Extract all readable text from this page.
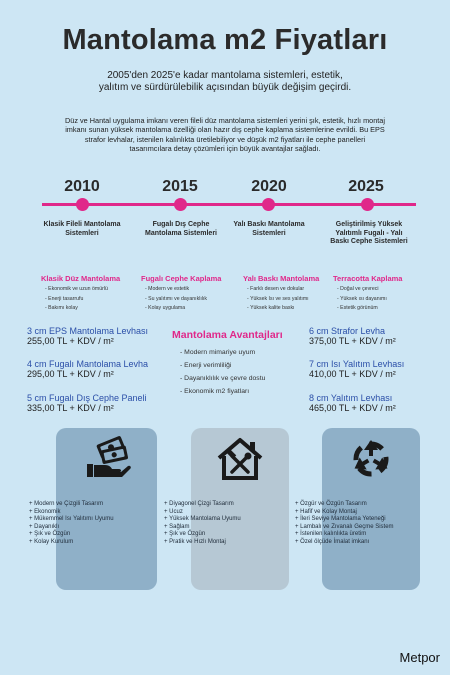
Mantolama m2 Fiyatları
2005'den 2025'e kadar mantolama sistemleri, estetik, yalıtım ve sürdürülebilik açısından büyük değişim geçirdi.
Düz ve Hantal uygulama imkanı veren fileli düz mantolama sistemleri yerini şık, estetik, hızlı montaj imkanı sunan yüksek mantolama özelliği olan hazır dış cephe kaplama sistemlerine evrildi. Bu EPS strafor levhalar, istenilen kalınlıkta üretilebiliyor ve düşük m2 fiyatları ile cephe panelleri tasarımcılara detay çözümleri için büyük avantajlar sağladı.
2010	2015	2020	2025
Klasik Fileli Mantolama Sistemleri
Fugalı Dış Cephe Mantolama Sistemleri
Yalı Baskı Mantolama Sistemleri
Geliştirilmiş Yüksek Yalıtımlı Fugalı - Yalı Baskı Cephe Sistemleri
Klasik Düz Mantolama
- Ekonomik ve uzun ömürlü
- Enerji tasarrufu
- Bakımı kolay
Fugalı Cephe Kaplama
- Modern ve estetik
- Su yalıtımı ve dayanıklılık
- Kolay uygulama
Yalı Baskı Mantolama
- Farklı desen ve dokular
- Yüksek Isı ve ses yalıtımı
- Yüksek kalite baskı
Terracotta Kaplama
- Doğal ve çevreci
- Yüksek ısı dayanımı
- Estetik görünüm
3 cm EPS Mantolama Levhası
255,00 TL + KDV / m²
4 cm Fugalı Mantolama Levha
295,00 TL + KDV / m²
5 cm Fugalı Dış Cephe Paneli
335,00 TL + KDV / m²
Mantolama Avantajları
- Modern mimariye uyum
- Enerji verimliliği
- Dayanıklılık ve çevre dostu
- Ekonomik m2 fiyatları
6 cm Strafor Levha
375,00 TL + KDV / m²
7 cm Isı Yalıtım Levhası
410,00 TL + KDV / m²
8 cm Yalıtım Levhası
465,00 TL + KDV / m²
+ Modern ve Çizgili Tasarım
+ Ekonomik
+ Mükemmel Isı Yalıtımı Uyumu
+ Dayanıklı
+ Şık ve Özgün
+ Kolay Kurulum
+ Diyagonel Çizgi Tasarım
+ Ucuz
+ Yüksek Mantolama Uyumu
+ Sağlam
+ Şık ve Özgün
+ Pratik ve Hızlı Montaj
+ Özgür ve Özgün Tasarım
+ Hafif ve Kolay Montaj
+ İleri Seviye Mantolama Yeteneği
+ Lambalı ve Zıvanalı Geçme Sistem
+ İstenilen kalınlıkta üretim
+ Özel ölçüde İmalat imkanı
Metpor
